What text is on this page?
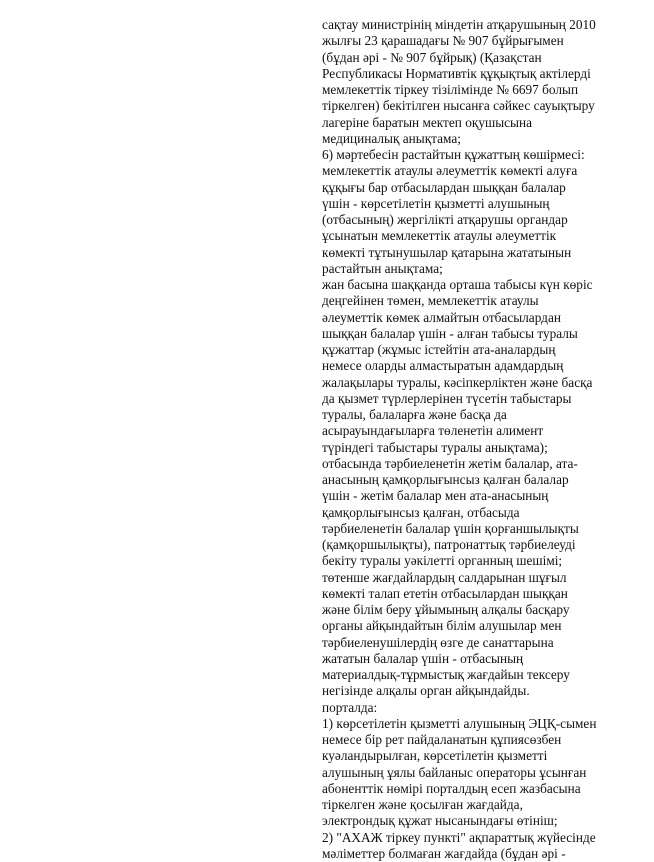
сақтау министрінің міндетін атқарушының 2010
жылғы 23 қарашадағы № 907 бұйрығымен
(бұдан әрі - № 907 бұйрық) (Қазақстан
Республикасы Нормативтік құқықтық актілерді
мемлекеттік тіркеу тізілімінде № 6697 болып
тіркелген) бекітілген нысанға сәйкес сауықтыру
лагеріне баратын мектеп оқушысына
медициналық анықтама;
6) мәртебесін растайтын құжаттың көшірмесі:
мемлекеттік атаулы әлеуметтік көмекті алуға
құқығы бар отбасылардан шыққан балалар
үшін - көрсетілетін қызметті алушының
(отбасының) жергілікті атқарушы органдар
ұсынатын мемлекеттік атаулы әлеуметтік
көмекті тұтынушылар қатарына жататынын
растайтын анықтама;
жан басына шаққанда орташа табысы күн көріс
деңгейінен төмен, мемлекеттік атаулы
әлеуметтік көмек алмайтын отбасылардан
шыққан балалар үшін - алған табысы туралы
құжаттар (жұмыс істейтін ата-аналардың
немесе оларды алмастыратын адамдардың
жалақылары туралы, кәсіпкерліктен және басқа
да қызмет түрлерлерінен түсетін табыстары
туралы, балаларға және басқа да
асырауындағыларға төленетін алимент
түріндегі табыстары туралы анықтама);
отбасында тәрбиеленетін жетім балалар, ата-
анасының қамқорлығынсыз қалған балалар
үшін - жетім балалар мен ата-анасының
қамқорлығынсыз қалған, отбасыда
тәрбиеленетін балалар үшін қорғаншылықты
(қамқоршылықты), патронаттық тәрбиелеуді
бекіту туралы уәкілетті органның шешімі;
төтенше жағдайлардың салдарынан шұғыл
көмекті талап ететін отбасылардан шыққан
және білім беру ұйымының алқалы басқару
органы айқындайтын білім алушылар мен
тәрбиеленушілердің өзге де санаттарына
жататын балалар үшін - отбасының
материалдық-тұрмыстық жағдайын тексеру
негізінде алқалы орган айқындайды.
порталда:
1) көрсетілетін қызметті алушының ЭЦҚ-сымен
немесе бір рет пайдаланатын құпиясөзбен
куәландырылған, көрсетілетін қызметті
алушының ұялы байланыс операторы ұсынған
абоненттік нөмірі порталдың есеп жазбасына
тіркелген және қосылған жағдайда,
электрондық құжат нысанындағы өтініш;
2) "АХАЖ тіркеу пункті" ақпараттық жүйесінде
мәліметтер болмаған жағдайда (бұдан әрі -
